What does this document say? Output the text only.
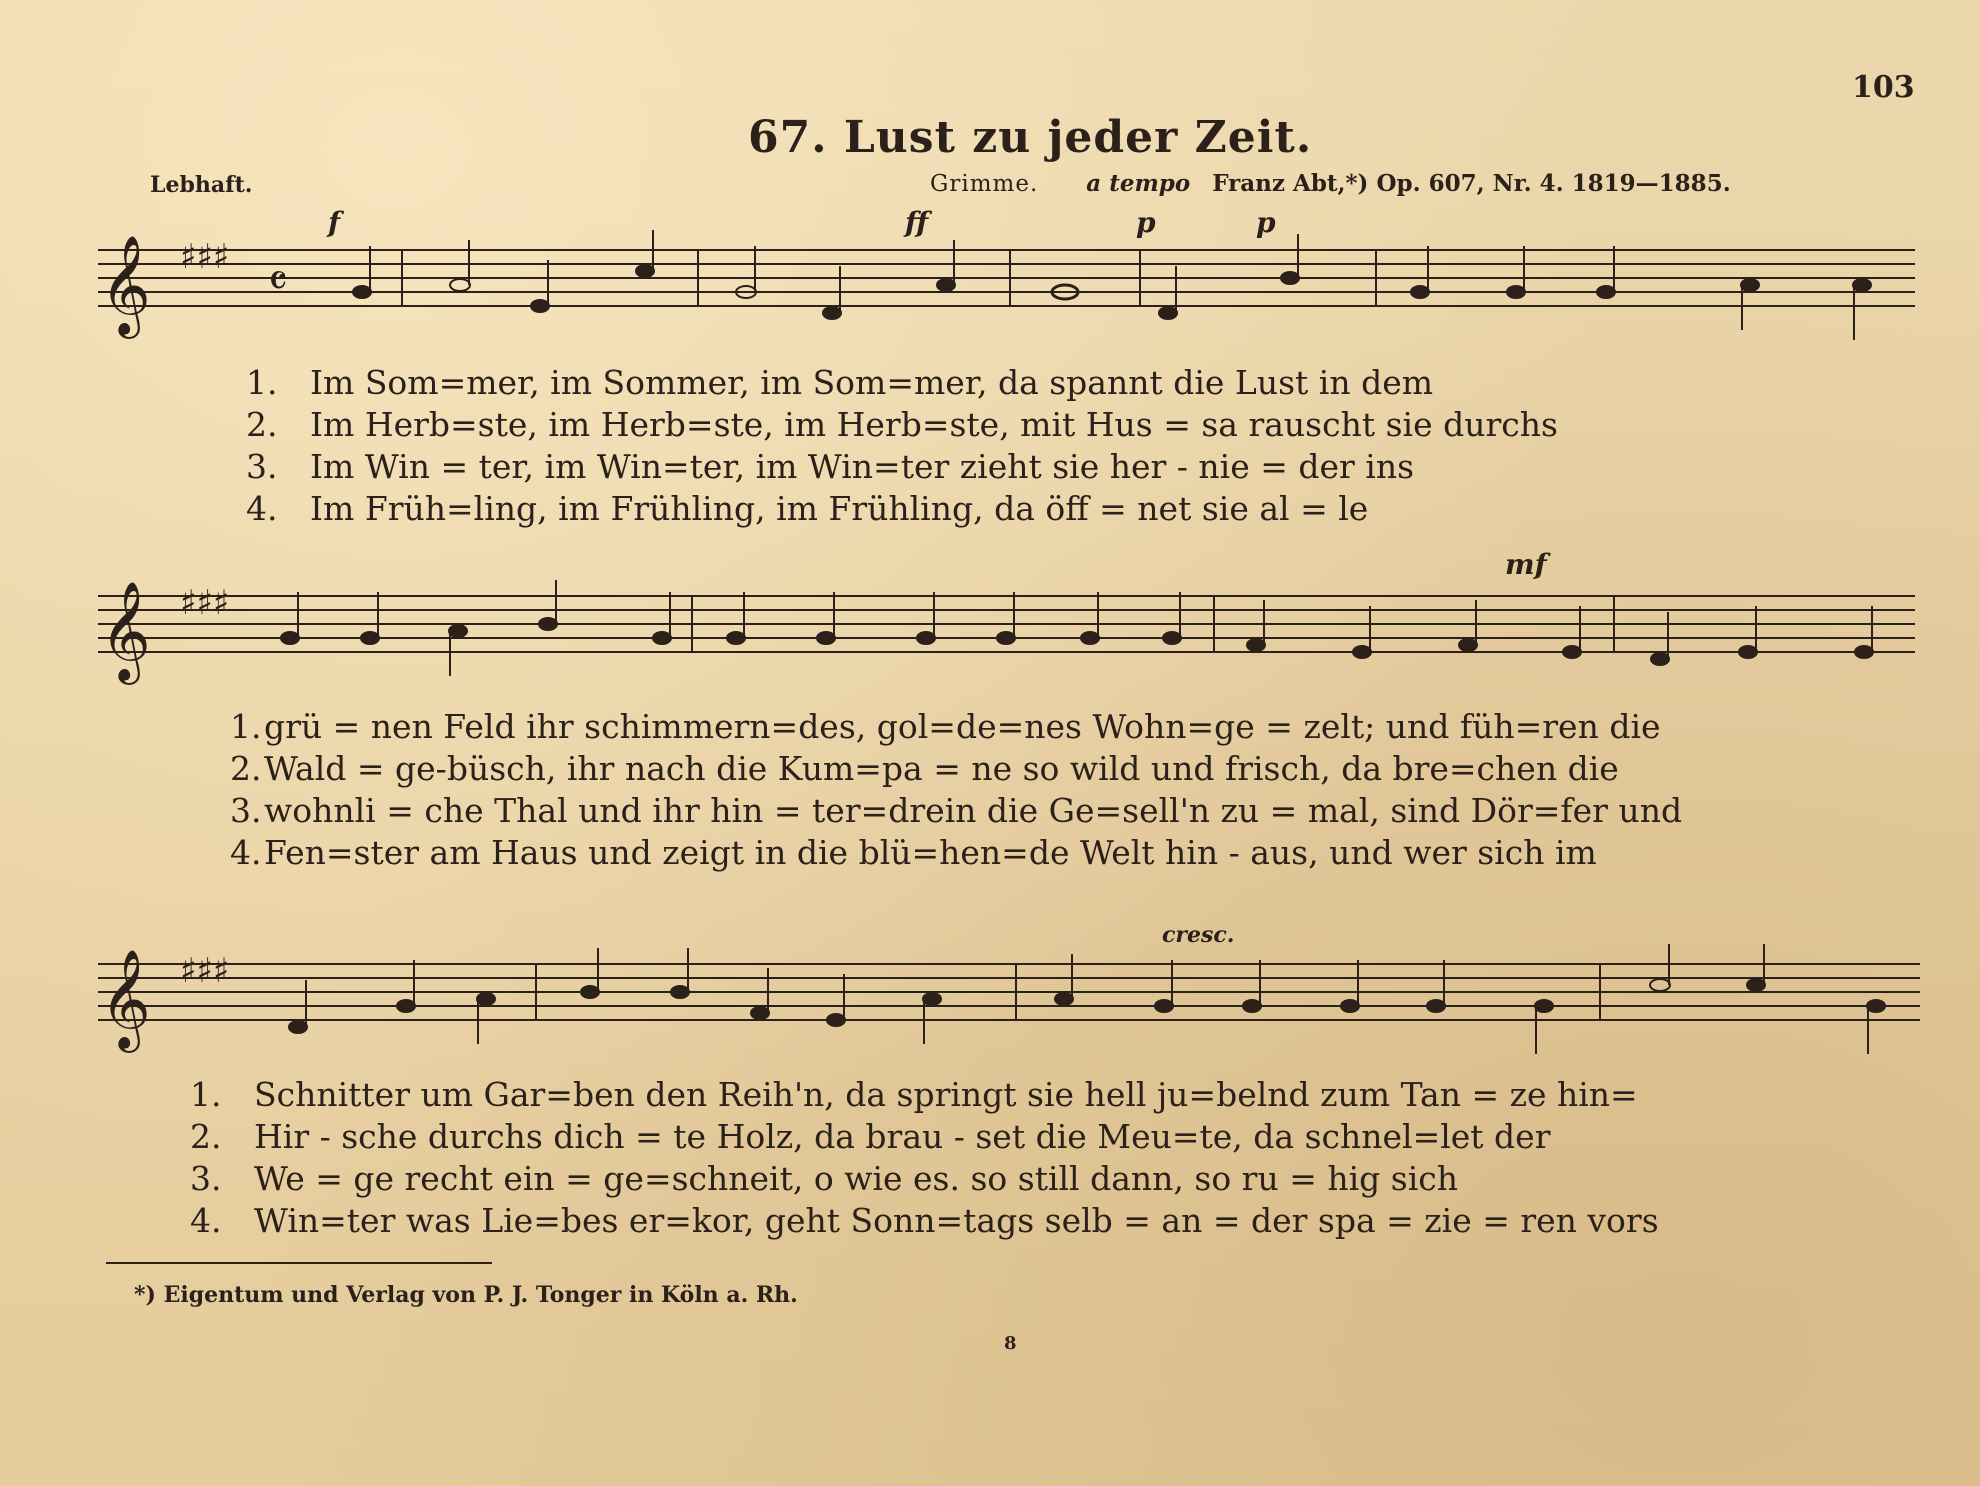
103
67. Lust zu jeder Zeit.
Lebhaft.	Grimme. a tempo Franz Abt,*) Op. 607, Nr. 4. 1819—1885.
f	ff	p	p
mf
cresc.
𝄞 ♯♯♯ 𝄴
1. Im Som=mer, im Sommer, im Som=mer, da spannt die Lust in dem
2. Im Herb=ste, im Herb=ste, im Herb=ste, mit Hus = sa rauscht sie durchs
3. Im Win = ter, im Win=ter, im Win=ter zieht sie her - nie = der ins
4. Im Früh=ling, im Frühling, im Frühling, da öff = net sie al = le
𝄞 ♯♯♯
1.grü = nen Feld ihr schimmern=des, gol=de=nes Wohn=ge = zelt; und füh=ren die
2.Wald = ge-büsch, ihr nach die Kum=pa = ne so wild und frisch, da bre=chen die
3.wohnli = che Thal und ihr hin = ter=drein die Ge=sell'n zu = mal, sind Dör=fer und
4.Fen=ster am Haus und zeigt in die blü=hen=de Welt hin - aus, und wer sich im
𝄞 ♯♯♯
1. Schnitter um Gar=ben den Reih'n, da springt sie hell ju=belnd zum Tan = ze hin=
2. Hir - sche durchs dich = te Holz, da brau - set die Meu=te, da schnel=let der
3. We = ge recht ein = ge=schneit, o wie es. so still dann, so ru = hig sich
4. Win=ter was Lie=bes er=kor, geht Sonn=tags selb = an = der spa = zie = ren vors
*) Eigentum und Verlag von P. J. Tonger in Köln a. Rh.
8
